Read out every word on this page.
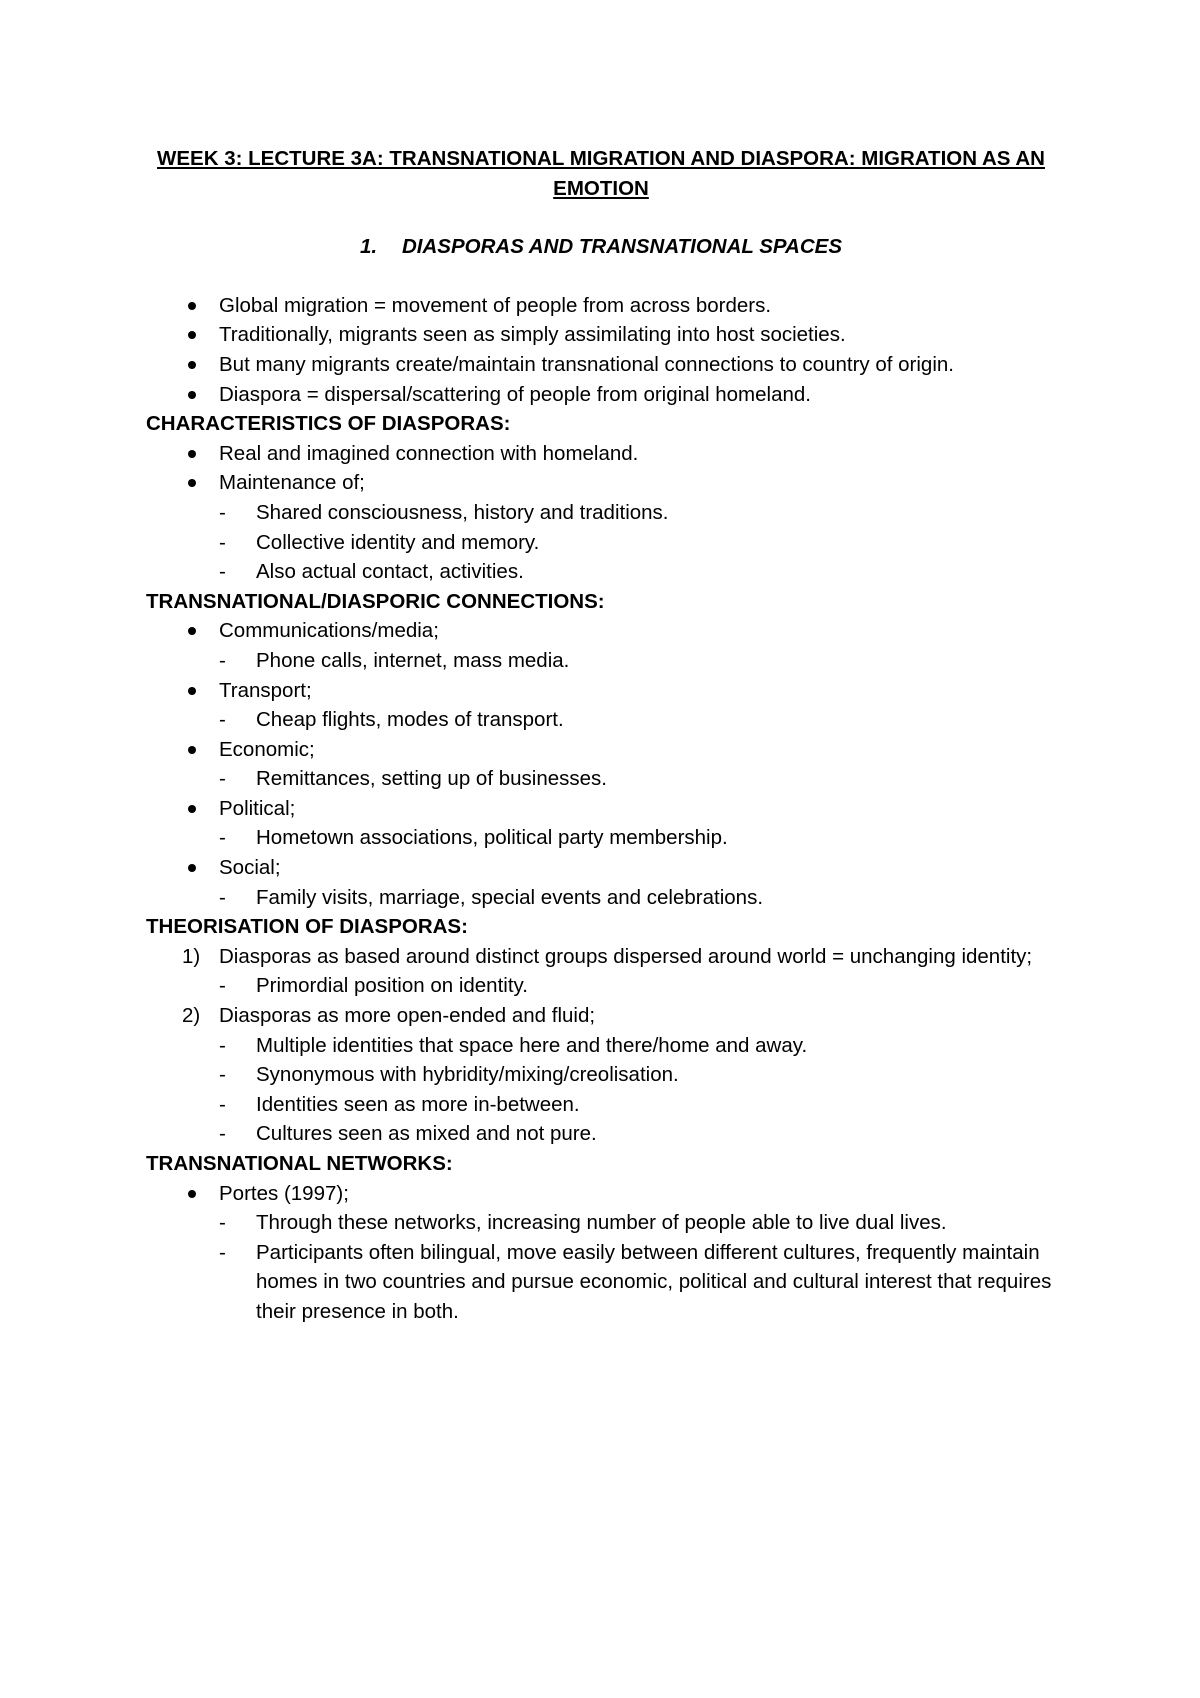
WEEK 3: LECTURE 3A: TRANSNATIONAL MIGRATION AND DIASPORA: MIGRATION AS AN EMOTION

1. DIASPORAS AND TRANSNATIONAL SPACES
Global migration = movement of people from across borders.
Traditionally, migrants seen as simply assimilating into host societies.
But many migrants create/maintain transnational connections to country of origin.
Diaspora = dispersal/scattering of people from original homeland.
CHARACTERISTICS OF DIASPORAS:
Real and imagined connection with homeland.
Maintenance of;
- Shared consciousness, history and traditions.
- Collective identity and memory.
- Also actual contact, activities.
TRANSNATIONAL/DIASPORIC CONNECTIONS:
Communications/media;
- Phone calls, internet, mass media.
Transport;
- Cheap flights, modes of transport.
Economic;
- Remittances, setting up of businesses.
Political;
- Hometown associations, political party membership.
Social;
- Family visits, marriage, special events and celebrations.
THEORISATION OF DIASPORAS:
1) Diasporas as based around distinct groups dispersed around world = unchanging identity;
- Primordial position on identity.
2) Diasporas as more open-ended and fluid;
- Multiple identities that space here and there/home and away.
- Synonymous with hybridity/mixing/creolisation.
- Identities seen as more in-between.
- Cultures seen as mixed and not pure.
TRANSNATIONAL NETWORKS:
Portes (1997);
- Through these networks, increasing number of people able to live dual lives.
- Participants often bilingual, move easily between different cultures, frequently maintain homes in two countries and pursue economic, political and cultural interest that requires their presence in both.
